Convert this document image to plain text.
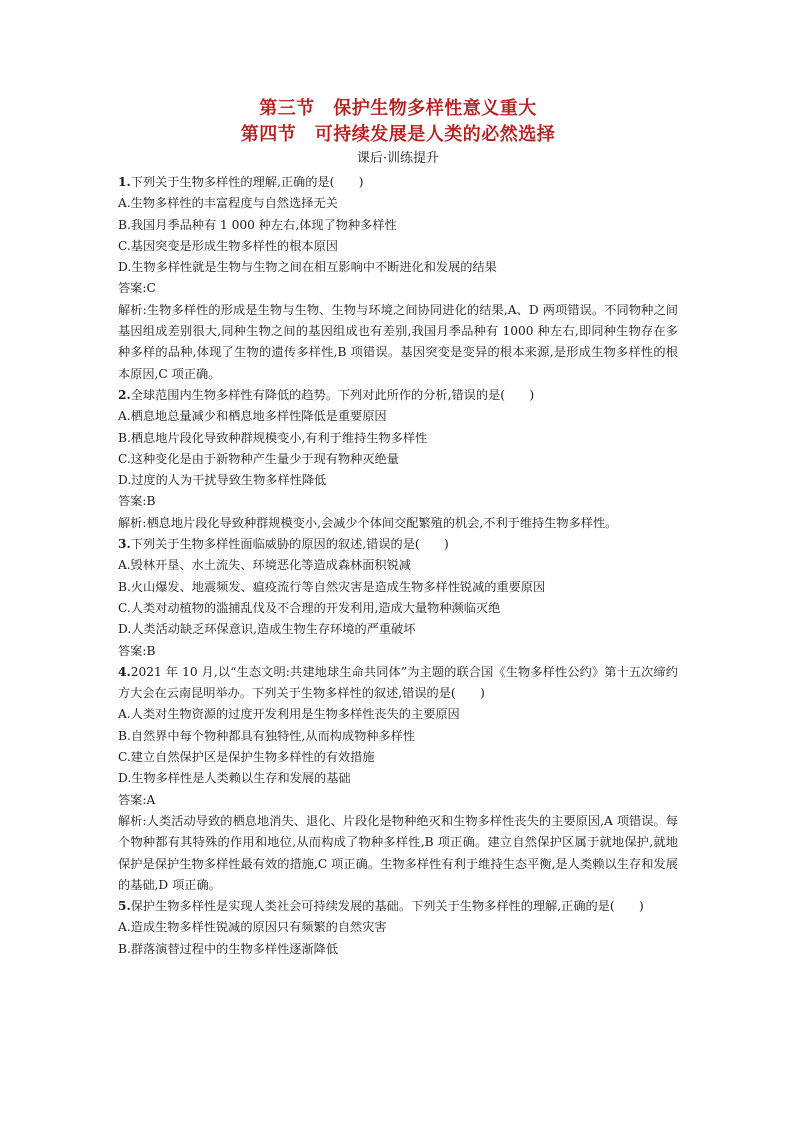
第三节　保护生物多样性意义重大
第四节　可持续发展是人类的必然选择
课后·训练提升
1.下列关于生物多样性的理解,正确的是(　　)
A.生物多样性的丰富程度与自然选择无关
B.我国月季品种有 1 000 种左右,体现了物种多样性
C.基因突变是形成生物多样性的根本原因
D.生物多样性就是生物与生物之间在相互影响中不断进化和发展的结果
答案:C
解析:生物多样性的形成是生物与生物、生物与环境之间协同进化的结果,A、D 两项错误。不同物种之间基因组成差别很大,同种生物之间的基因组成也有差别,我国月季品种有 1000 种左右,即同种生物存在多种多样的品种,体现了生物的遗传多样性,B 项错误。基因突变是变异的根本来源,是形成生物多样性的根本原因,C 项正确。
2.全球范围内生物多样性有降低的趋势。下列对此所作的分析,错误的是(　　)
A.栖息地总量减少和栖息地多样性降低是重要原因
B.栖息地片段化导致种群规模变小,有利于维持生物多样性
C.这种变化是由于新物种产生量少于现有物种灭绝量
D.过度的人为干扰导致生物多样性降低
答案:B
解析:栖息地片段化导致种群规模变小,会减少个体间交配繁殖的机会,不利于维持生物多样性。
3.下列关于生物多样性面临威胁的原因的叙述,错误的是(　　)
A.毁林开垦、水土流失、环境恶化等造成森林面积锐减
B.火山爆发、地震频发、瘟疫流行等自然灾害是造成生物多样性锐减的重要原因
C.人类对动植物的滥捕乱伐及不合理的开发利用,造成大量物种濒临灭绝
D.人类活动缺乏环保意识,造成生物生存环境的严重破坏
答案:B
4.2021 年 10 月,以“生态文明:共建地球生命共同体”为主题的联合国《生物多样性公约》第十五次缔约方大会在云南昆明举办。下列关于生物多样性的叙述,错误的是(　　)
A.人类对生物资源的过度开发利用是生物多样性丧失的主要原因
B.自然界中每个物种都具有独特性,从而构成物种多样性
C.建立自然保护区是保护生物多样性的有效措施
D.生物多样性是人类赖以生存和发展的基础
答案:A
解析:人类活动导致的栖息地消失、退化、片段化是物种绝灭和生物多样性丧失的主要原因,A 项错误。每个物种都有其特殊的作用和地位,从而构成了物种多样性,B 项正确。建立自然保护区属于就地保护,就地保护是保护生物多样性最有效的措施,C 项正确。生物多样性有利于维持生态平衡,是人类赖以生存和发展的基础,D 项正确。
5.保护生物多样性是实现人类社会可持续发展的基础。下列关于生物多样性的理解,正确的是(　　)
A.造成生物多样性锐减的原因只有频繁的自然灾害
B.群落演替过程中的生物多样性逐渐降低
